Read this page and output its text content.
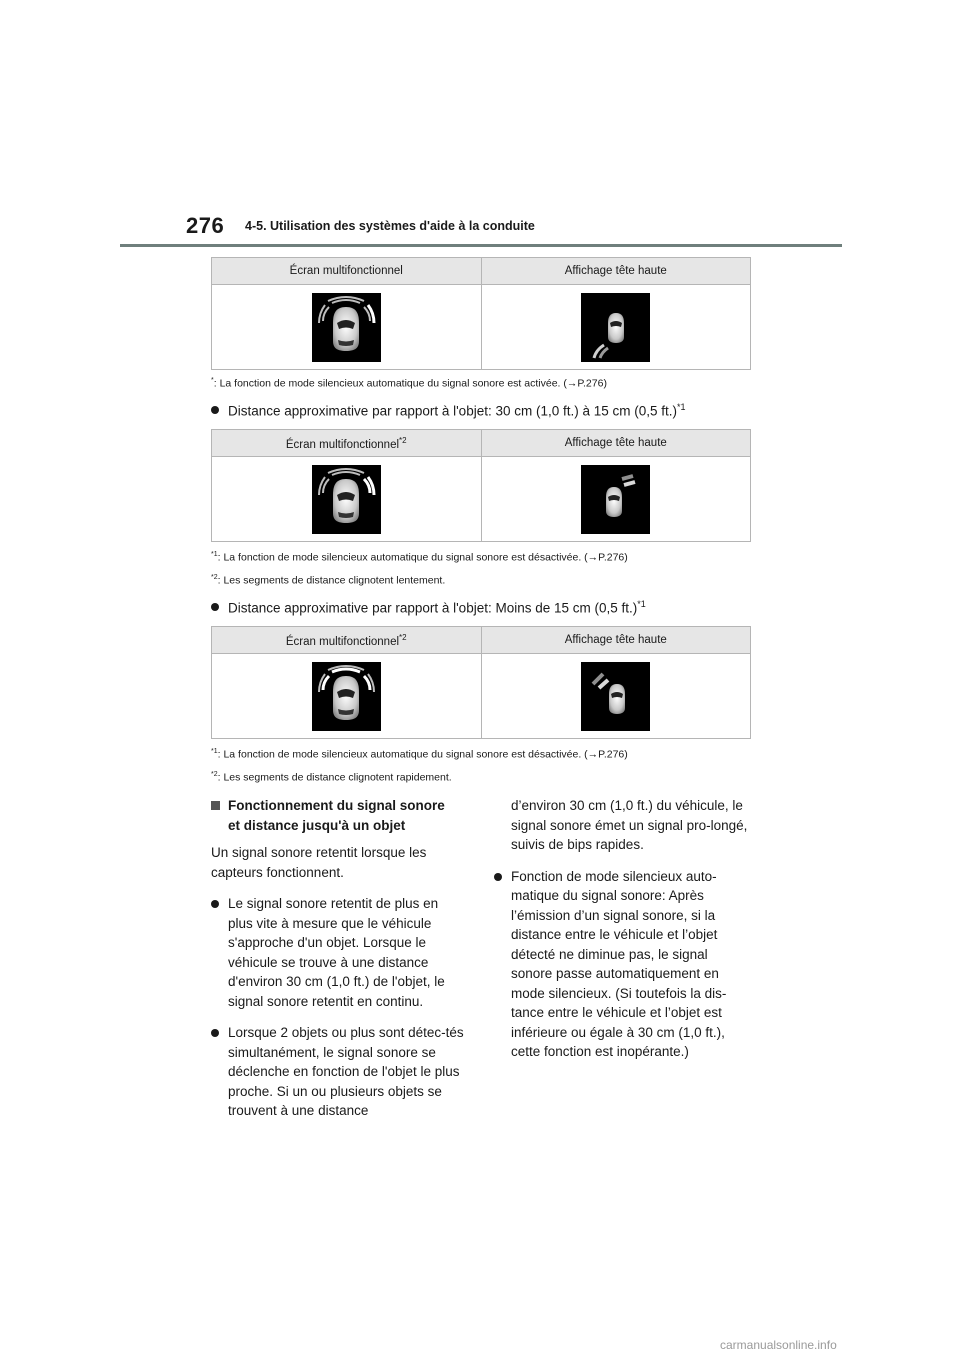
276 4-5. Utilisation des systèmes d'aide à la conduite
Écran multifonctionnel	Affichage tête haute

*: La fonction de mode silencieux automatique du signal sonore est activée. (→P.276)
Distance approximative par rapport à l'objet: 30 cm (1,0 ft.) à 15 cm (0,5 ft.)$^{*1}$
Écran multifonctionnel$^{*2}$	Affichage tête haute

$^{*1}$: La fonction de mode silencieux automatique du signal sonore est désactivée. (→P.276)
$^{*2}$: Les segments de distance clignotent lentement.
Distance approximative par rapport à l'objet: Moins de 15 cm (0,5 ft.)$^{*1}$
Écran multifonctionnel$^{*2}$	Affichage tête haute

$^{*1}$: La fonction de mode silencieux automatique du signal sonore est désactivée. (→P.276)
$^{*2}$: Les segments de distance clignotent rapidement.
Fonctionnement du signal sonore
et distance jusqu'à un objet

Un signal sonore retentit lorsque les capteurs fonctionnent.

Le signal sonore retentit de plus en plus vite à mesure que le véhicule s'approche d'un objet. Lorsque le véhicule se trouve à une distance d'environ 30 cm (1,0 ft.) de l'objet, le signal sonore retentit en continu.
Lorsque 2 objets ou plus sont détec-tés simultanément, le signal sonore se déclenche en fonction de l'objet le plus proche. Si un ou plusieurs objets se trouvent à une distance

d’environ 30 cm (1,0 ft.) du véhicule, le signal sonore émet un signal pro-longé, suivis de bips rapides.

Fonction de mode silencieux auto-matique du signal sonore: Après l’émission d’un signal sonore, si la distance entre le véhicule et l’objet détecté ne diminue pas, le signal sonore passe automatiquement en mode silencieux. (Si toutefois la dis-tance entre le véhicule et l’objet est inférieure ou égale à 30 cm (1,0 ft.), cette fonction est inopérante.)
carmanualsonline.info
